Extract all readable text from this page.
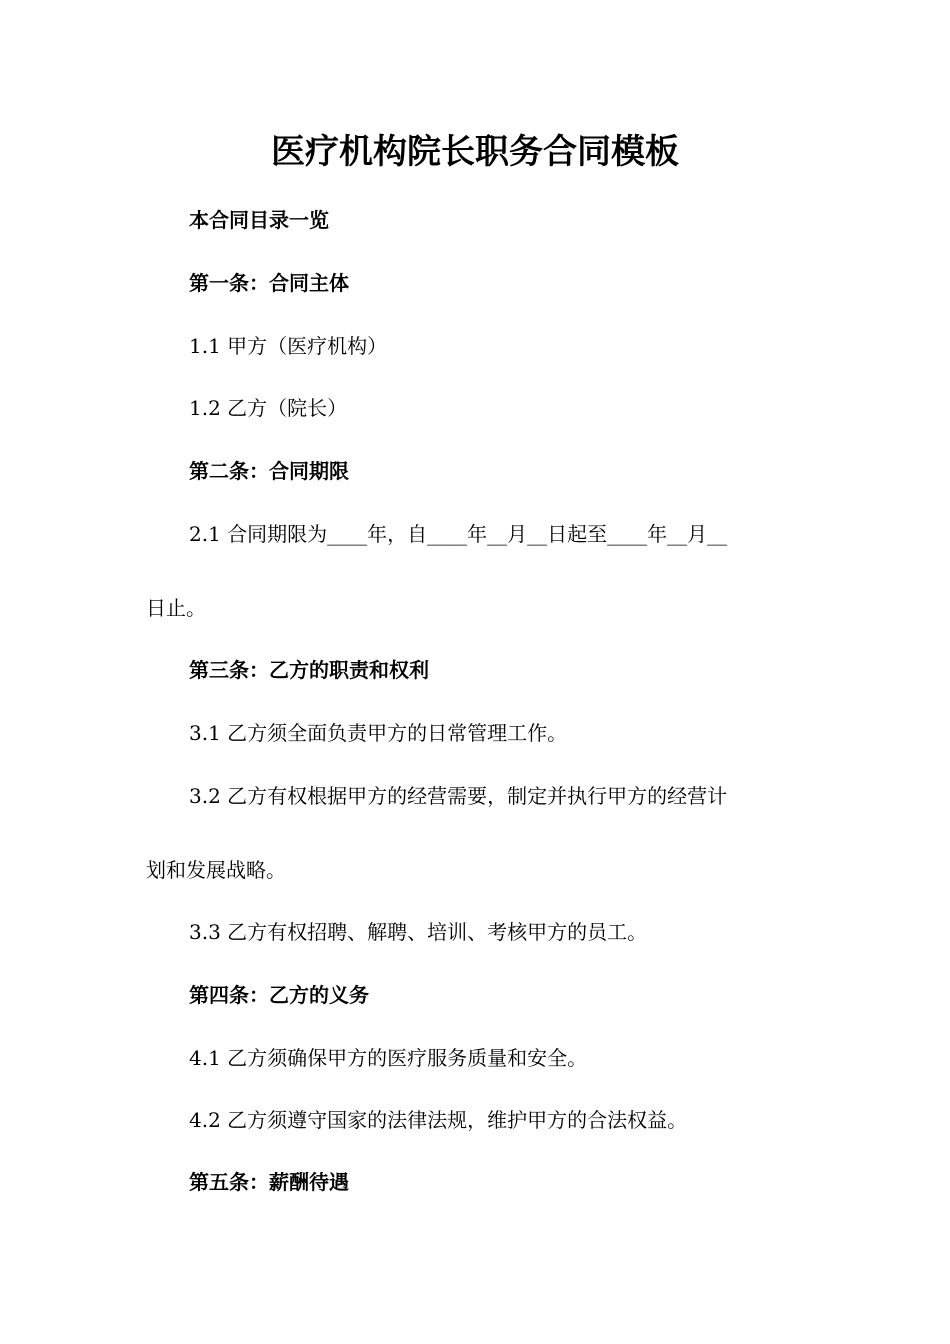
医疗机构院长职务合同模板

本合同目录一览

第一条：合同主体

1.1 甲方（医疗机构）

1.2 乙方（院长）

第二条：合同期限

2.1 合同期限为____年，自____年__月__日起至____年__月__

日止。

第三条：乙方的职责和权利

3.1 乙方须全面负责甲方的日常管理工作。

3.2 乙方有权根据甲方的经营需要，制定并执行甲方的经营计

划和发展战略。

3.3 乙方有权招聘、解聘、培训、考核甲方的员工。

第四条：乙方的义务

4.1 乙方须确保甲方的医疗服务质量和安全。

4.2 乙方须遵守国家的法律法规，维护甲方的合法权益。

第五条：薪酬待遇
